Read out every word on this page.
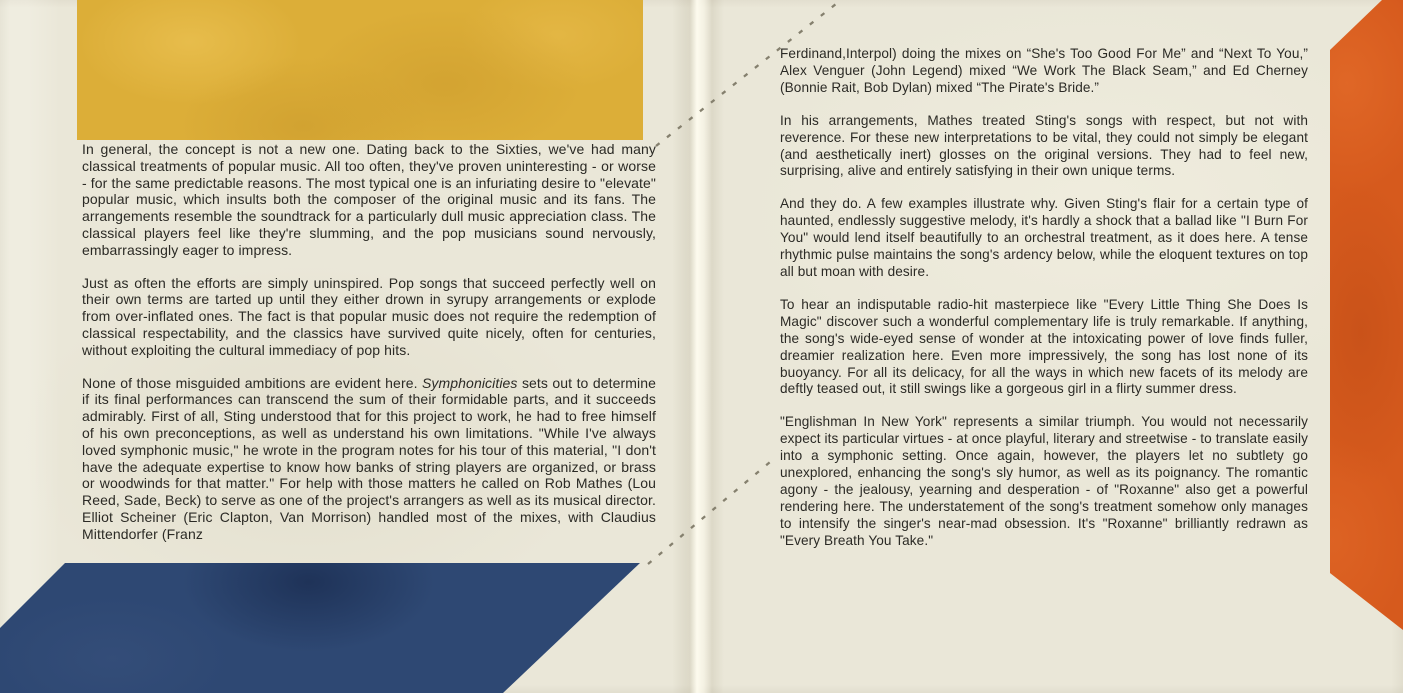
In general, the concept is not a new one. Dating back to the Sixties, we've had many classical treatments of popular music. All too often, they've proven uninteresting - or worse - for the same predictable reasons. The most typical one is an infuriating desire to "elevate" popular music, which insults both the composer of the original music and its fans. The arrangements resemble the soundtrack for a particularly dull music appreciation class. The classical players feel like they're slumming, and the pop musicians sound nervously, embarrassingly eager to impress.

Just as often the efforts are simply uninspired. Pop songs that succeed perfectly well on their own terms are tarted up until they either drown in syrupy arrangements or explode from over-inflated ones. The fact is that popular music does not require the redemption of classical respectability, and the classics have survived quite nicely, often for centuries, without exploiting the cultural immediacy of pop hits.

None of those misguided ambitions are evident here. Symphonicities sets out to determine if its final performances can transcend the sum of their formidable parts, and it succeeds admirably. First of all, Sting understood that for this project to work, he had to free himself of his own preconceptions, as well as understand his own limitations. "While I've always loved symphonic music," he wrote in the program notes for his tour of this material, "I don't have the adequate expertise to know how banks of string players are organized, or brass or woodwinds for that matter." For help with those matters he called on Rob Mathes (Lou Reed, Sade, Beck) to serve as one of the project's arrangers as well as its musical director. Elliot Scheiner (Eric Clapton, Van Morrison) handled most of the mixes, with Claudius Mittendorfer (Franz

Ferdinand,Interpol) doing the mixes on “She's Too Good For Me” and “Next To You,” Alex Venguer (John Legend) mixed “We Work The Black Seam,” and Ed Cherney (Bonnie Rait, Bob Dylan) mixed “The Pirate's Bride.”

In his arrangements, Mathes treated Sting's songs with respect, but not with reverence. For these new interpretations to be vital, they could not simply be elegant (and aesthetically inert) glosses on the original versions. They had to feel new, surprising, alive and entirely satisfying in their own unique terms.

And they do. A few examples illustrate why. Given Sting's flair for a certain type of haunted, endlessly suggestive melody, it's hardly a shock that a ballad like "I Burn For You" would lend itself beautifully to an orchestral treatment, as it does here. A tense rhythmic pulse maintains the song's ardency below, while the eloquent textures on top all but moan with desire.

To hear an indisputable radio-hit masterpiece like "Every Little Thing She Does Is Magic" discover such a wonderful complementary life is truly remarkable. If anything, the song's wide-eyed sense of wonder at the intoxicating power of love finds fuller, dreamier realization here. Even more impressively, the song has lost none of its buoyancy. For all its delicacy, for all the ways in which new facets of its melody are deftly teased out, it still swings like a gorgeous girl in a flirty summer dress.

"Englishman In New York" represents a similar triumph. You would not necessarily expect its particular virtues - at once playful, literary and streetwise - to translate easily into a symphonic setting. Once again, however, the players let no subtlety go unexplored, enhancing the song's sly humor, as well as its poignancy. The romantic agony - the jealousy, yearning and desperation - of "Roxanne" also get a powerful rendering here. The understatement of the song's treatment somehow only manages to intensify the singer's near-mad obsession. It's "Roxanne" brilliantly redrawn as "Every Breath You Take."
